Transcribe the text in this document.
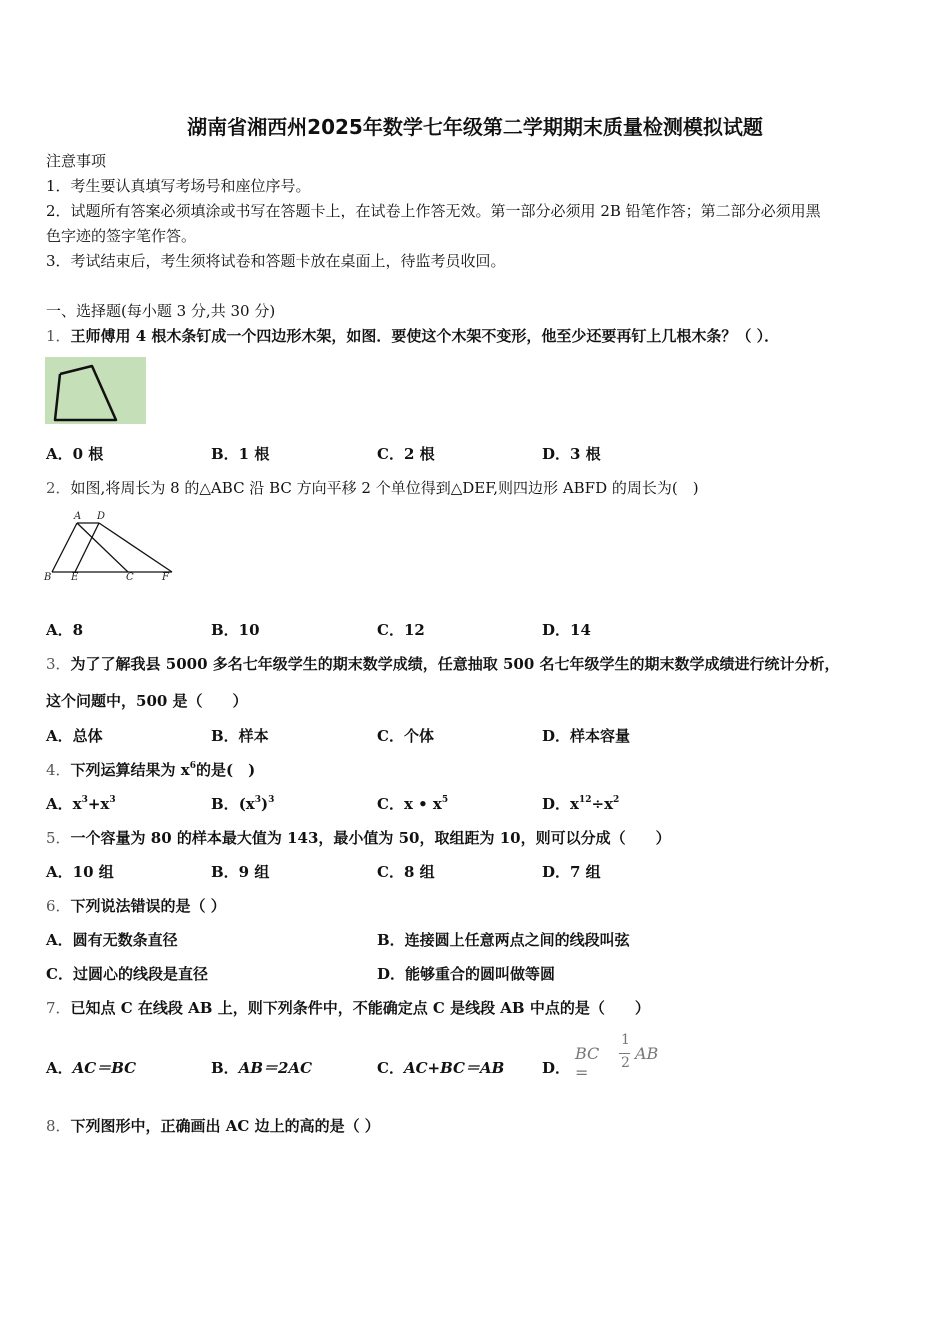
湖南省湘西州2025年数学七年级第二学期期末质量检测模拟试题
注意事项
1．考生要认真填写考场号和座位序号。
2．试题所有答案必须填涂或书写在答题卡上，在试卷上作答无效。第一部分必须用 2B 铅笔作答；第二部分必须用黑
色字迹的签字笔作答。
3．考试结束后，考生须将试卷和答题卡放在桌面上，待监考员收回。
一、选择题(每小题 3 分,共 30 分)
1．王师傅用 4 根木条钉成一个四边形木架，如图．要使这个木架不变形，他至少还要再钉上几根木条？（ ）．
A．0 根	B．1 根	C．2 根	D．3 根
2．如图,将周长为 8 的△ABC 沿 BC 方向平移 2 个单位得到△DEF,则四边形 ABFD 的周长为(　)
A D
B E	C	F
A．8	B．10	C．12	D．14
3．为了了解我县 5000 多名七年级学生的期末数学成绩，任意抽取 500 名七年级学生的期末数学成绩进行统计分析，
这个问题中，500 是（　　）
A．总体	B．样本	C．个体	D．样本容量
4．下列运算结果为 $x^6$的是(　)
A．$x^3+x^3$	B．$(x^3)^3$	C．x • $x^5$	D．$x^{12}\div x^2$
5．一个容量为 80 的样本最大值为 143，最小值为 50，取组距为 10，则可以分成（　　）
A．10 组	B．9 组	C．8 组	D．7 组
6．下列说法错误的是（ ）
A．圆有无数条直径	B．连接圆上任意两点之间的线段叫弦
C．过圆心的线段是直径	D．能够重合的圆叫做等圆
7．已知点 C 在线段 AB 上，则下列条件中，不能确定点 C 是线段 AB 中点的是（　　）
A．AC＝BC	B．AB＝2AC	C．AC+BC＝AB	D．
BC =
1
2 AB
8．下列图形中，正确画出 AC 边上的高的是（ ）
